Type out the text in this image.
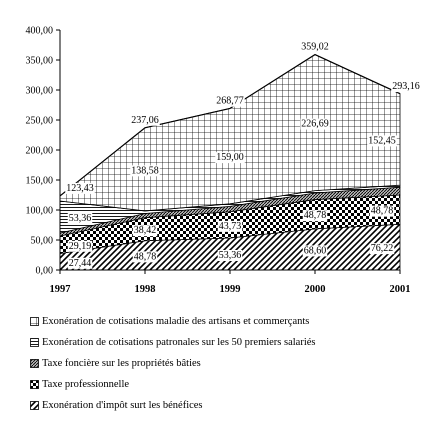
0,00
50,00
100,00
150,00
200,00
250,00
300,00
350,00
400,00
1997	1998	1999	2000	2001
27,44
48,78	53,36	68,60	76,22
29,19
38,42	43,73
48,78	48,78
53,36
138,58
159,00
226,69
152,45
123,43
237,06
268,77
359,02
293,16
Exonération de cotisations maladie des artisans et commerçants
Exonération de cotisations patronales sur les 50 premiers salariés
Taxe foncière sur les propriétés bâties
Taxe professionnelle
Exonération d'impôt surt les bénéfices
